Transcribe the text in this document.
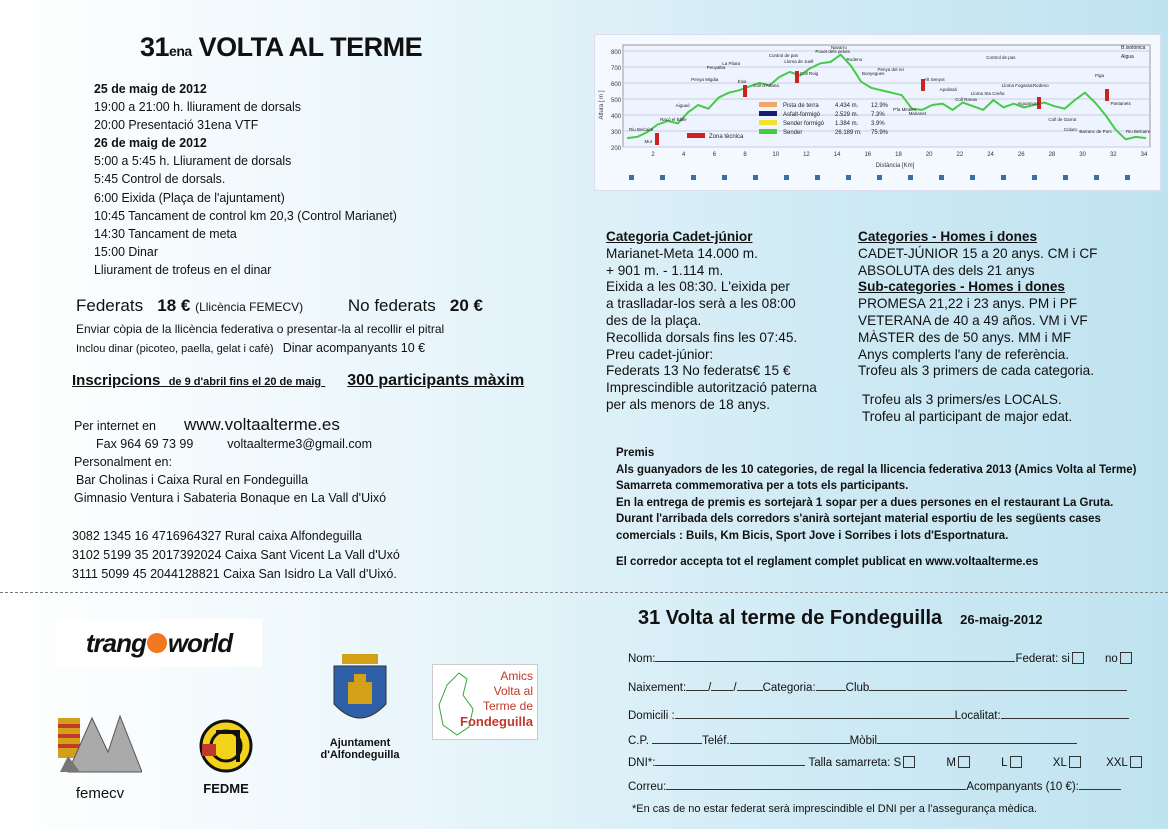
31ena VOLTA AL TERME
25 de maig de 2012
19:00 a 21:00 h. lliurament de dorsals
20:00 Presentació 31ena VTF
26 de maig de 2012
5:00 a 5:45 h. Lliurament de dorsals
5:45 Control de dorsals.
6:00 Eixida (Plaça de l'ajuntament)
10:45 Tancament de control km 20,3 (Control Marianet)
14:30 Tancament de meta
15:00 Dinar
Lliurament de trofeus en el dinar
Federats 18 € (Llicència FEMECV)	No federats 20 €
Enviar còpia de la llicència federativa o presentar-la al recollir el pitral
Inclou dinar (picoteo, paella, gelat i cafè) Dinar acompanyants 10 €
Inscripcions de 9 d'abril fins el 20 de maig 300 participants màxim
Per internet en www.voltaalterme.es
Fax 964 69 73 99	voltaalterme3@gmail.com
Personalment en:
Bar Cholinas i Caixa Rural en Fondeguilla
Gimnasio Ventura i Sabateria Bonaque en La Vall d'Uixó
3082 1345 16 4716964327 Rural caixa Alfondeguilla
3102 5199 35 2017392024 Caixa Sant Vicent La Vall d'Uxó
3111 5099 45 2044128821 Caixa San Isidro La Vall d'Uixó.
800
700
600
500
400
300
200
2	4	6	8	10	12	14	16	18	20	22	24	26	28	30	32	34
Altura [ m ]
Distància [Km]
Pista de terra	4.434 m. 12.9%
Asfalt-formigó 2.529 m. 7.3%
Sender formigó 1.384 m. 3.9%
Sender	26.189 m. 75.9%
Zona tècnica
Riu Belcaire
Mur
Racó el Bàlle
Aiguaó
Penya Migdia
Penyalba
La Pilara
Eixe
Coll d'Artana
Control de pas
Lloma de Juell
Coll Roig
Pouet dels peluts
Navarro
Rodeno
Bonyegues
Penya del rei
P'la Mirales
Marianet
Alt Senyot
Apolinari
Coll Ranas
Lloma Sta Creña
Control de pas
Lloma Fogassa
Aiguamora
Rodeno
Coll de Garrut
Colom Barranc de Porc
Piga
Pantanets
Riu Belcaire
B.isotònica
Aigua
Categoria Cadet-júnior
Marianet-Meta 14.000 m.
+ 901 m. - 1.114 m.
Eixida a les 08:30. L'eixida per
a traslladar-los serà a les 08:00
des de la plaça.
Recollida dorsals fins les 07:45.
Preu cadet-júnior:
Federats 13 No federats€ 15 €
Imprescindible autorització paterna
per als menors de 18 anys.
Categories - Homes i dones
CADET-JÚNIOR 15 a 20 anys. CM i CF
ABSOLUTA des dels 21 anys
Sub-categories - Homes i dones
PROMESA 21,22 i 23 anys. PM i PF
VETERANA de 40 a 49 años. VM i VF
MÀSTER des de 50 anys. MM i MF
Anys complerts l'any de referència.
Trofeu als 3 primers de cada categoria.
Trofeu als 3 primers/es LOCALS.
Trofeu al participant de major edat.
Premis
Als guanyadors de les 10 categories, de regal la llicencia federativa 2013 (Amics Volta al Terme)
Samarreta commemorativa per a tots els participants.
En la entrega de premis es sortejarà 1 sopar per a dues persones en el restaurant La Gruta.
Durant l'arribada dels corredors s'anirà sortejant material esportiu de les següents cases
comercials : Buils, Km Bicis, Sport Jove i Sorribes i lots d'Esportnatura.
El corredor accepta tot el reglament complet publicat en www.voltaalterme.es
trang world
femecv	FEDME
Ajuntament
d'Alfondeguilla
Amics
Volta al
Terme de
Fondeguilla
31 Volta al terme de Fondeguilla 26-maig-2012
Nom:	Federat: si	no
Naixement: / / Categoria:	Club
Domicili :	Localitat:
C.P.	Teléf.	Mòbil
DNI*:	Talla samarreta: S	M	L	XL	XXL
Correu:	Acompanyants (10 €):
*En cas de no estar federat serà imprescindible el DNI per a l'assegurança mèdica.
